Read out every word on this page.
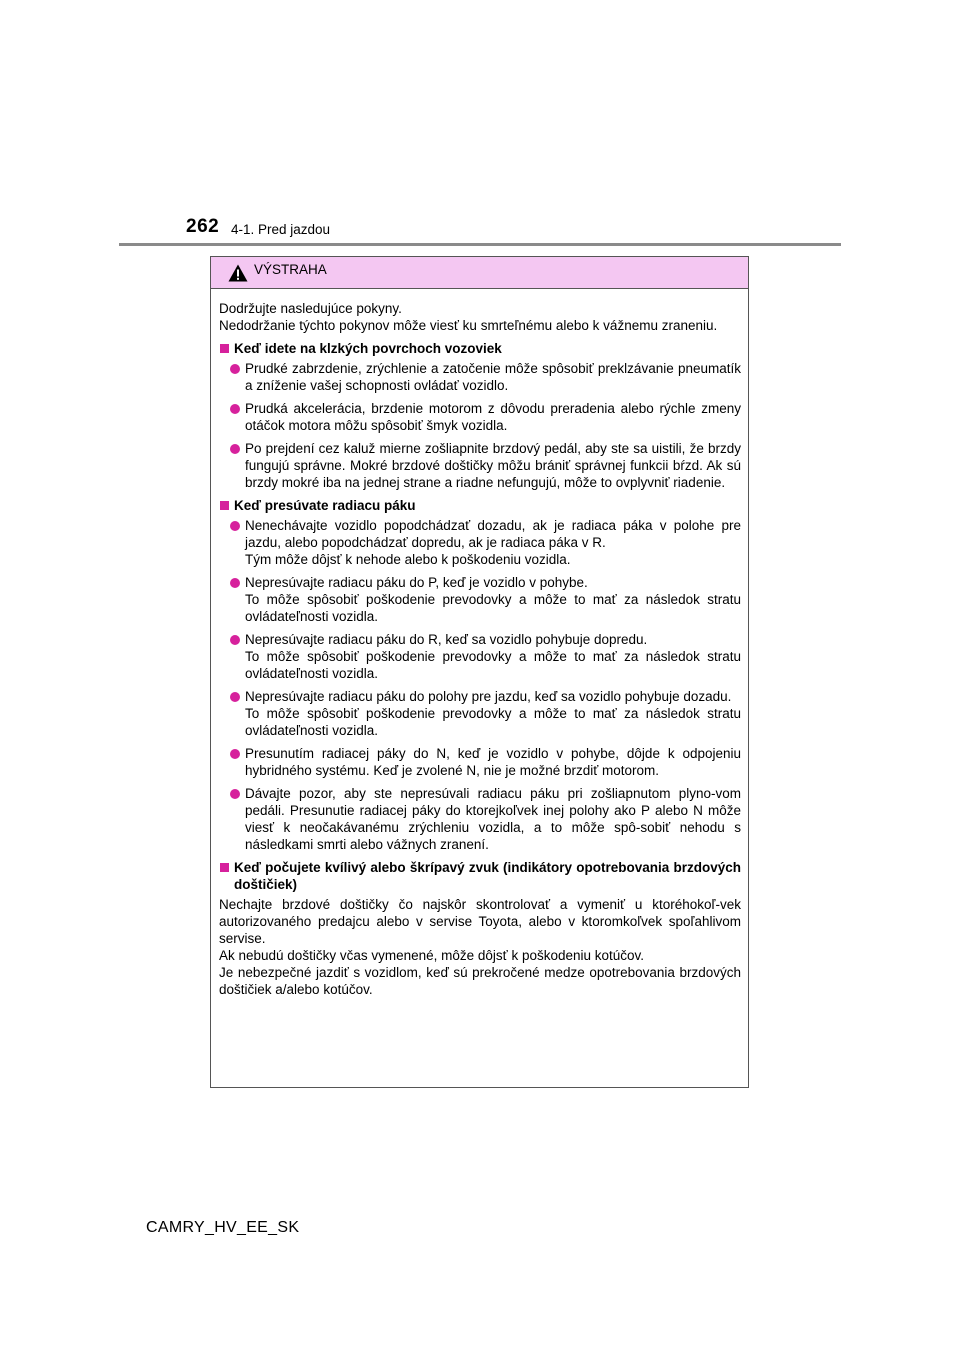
262 4-1. Pred jazdou
VÝSTRAHA

Dodržujte nasledujúce pokyny.
Nedodržanie týchto pokynov môže viesť ku smrteľnému alebo k vážnemu zraneniu.

Keď idete na klzkých povrchoch vozoviek
Prudké zabrzdenie, zrýchlenie a zatočenie môže spôsobiť preklzávanie pneumatík a zníženie vašej schopnosti ovládať vozidlo.
Prudká akcelerácia, brzdenie motorom z dôvodu preradenia alebo rýchle zmeny otáčok motora môžu spôsobiť šmyk vozidla.
Po prejdení cez kaluž mierne zošliapnite brzdový pedál, aby ste sa uistili, že brzdy fungujú správne. Mokré brzdové doštičky môžu brániť správnej funkcii bŕzd. Ak sú brzdy mokré iba na jednej strane a riadne nefungujú, môže to ovplyvniť riadenie.
Keď presúvate radiacu páku
Nenechávajte vozidlo popodchádzať dozadu, ak je radiaca páka v polohe pre jazdu, alebo popodchádzať dopredu, ak je radiaca páka v R.
Tým môže dôjsť k nehode alebo k poškodeniu vozidla.
Nepresúvajte radiacu páku do P, keď je vozidlo v pohybe.
To môže spôsobiť poškodenie prevodovky a môže to mať za následok stratu ovládateľnosti vozidla.
Nepresúvajte radiacu páku do R, keď sa vozidlo pohybuje dopredu.
To môže spôsobiť poškodenie prevodovky a môže to mať za následok stratu ovládateľnosti vozidla.
Nepresúvajte radiacu páku do polohy pre jazdu, keď sa vozidlo pohybuje dozadu.
To môže spôsobiť poškodenie prevodovky a môže to mať za následok stratu ovládateľnosti vozidla.
Presunutím radiacej páky do N, keď je vozidlo v pohybe, dôjde k odpojeniu hybridného systému. Keď je zvolené N, nie je možné brzdiť motorom.
Dávajte pozor, aby ste nepresúvali radiacu páku pri zošliapnutom plyno-vom pedáli. Presunutie radiacej páky do ktorejkoľvek inej polohy ako P alebo N môže viesť k neočakávanému zrýchleniu vozidla, a to môže spô-sobiť nehodu s následkami smrti alebo vážnych zranení.
Keď počujete kvílivý alebo škrípavý zvuk (indikátory opotrebovania brzdových doštičiek)

Nechajte brzdové doštičky čo najskôr skontrolovať a vymeniť u ktoréhokoľ-vek autorizovaného predajcu alebo v servise Toyota, alebo v ktoromkoľvek spoľahlivom servise.
Ak nebudú doštičky včas vymenené, môže dôjsť k poškodeniu kotúčov.

Je nebezpečné jazdiť s vozidlom, keď sú prekročené medze opotrebovania brzdových doštičiek a/alebo kotúčov.

CAMRY_HV_EE_SK
